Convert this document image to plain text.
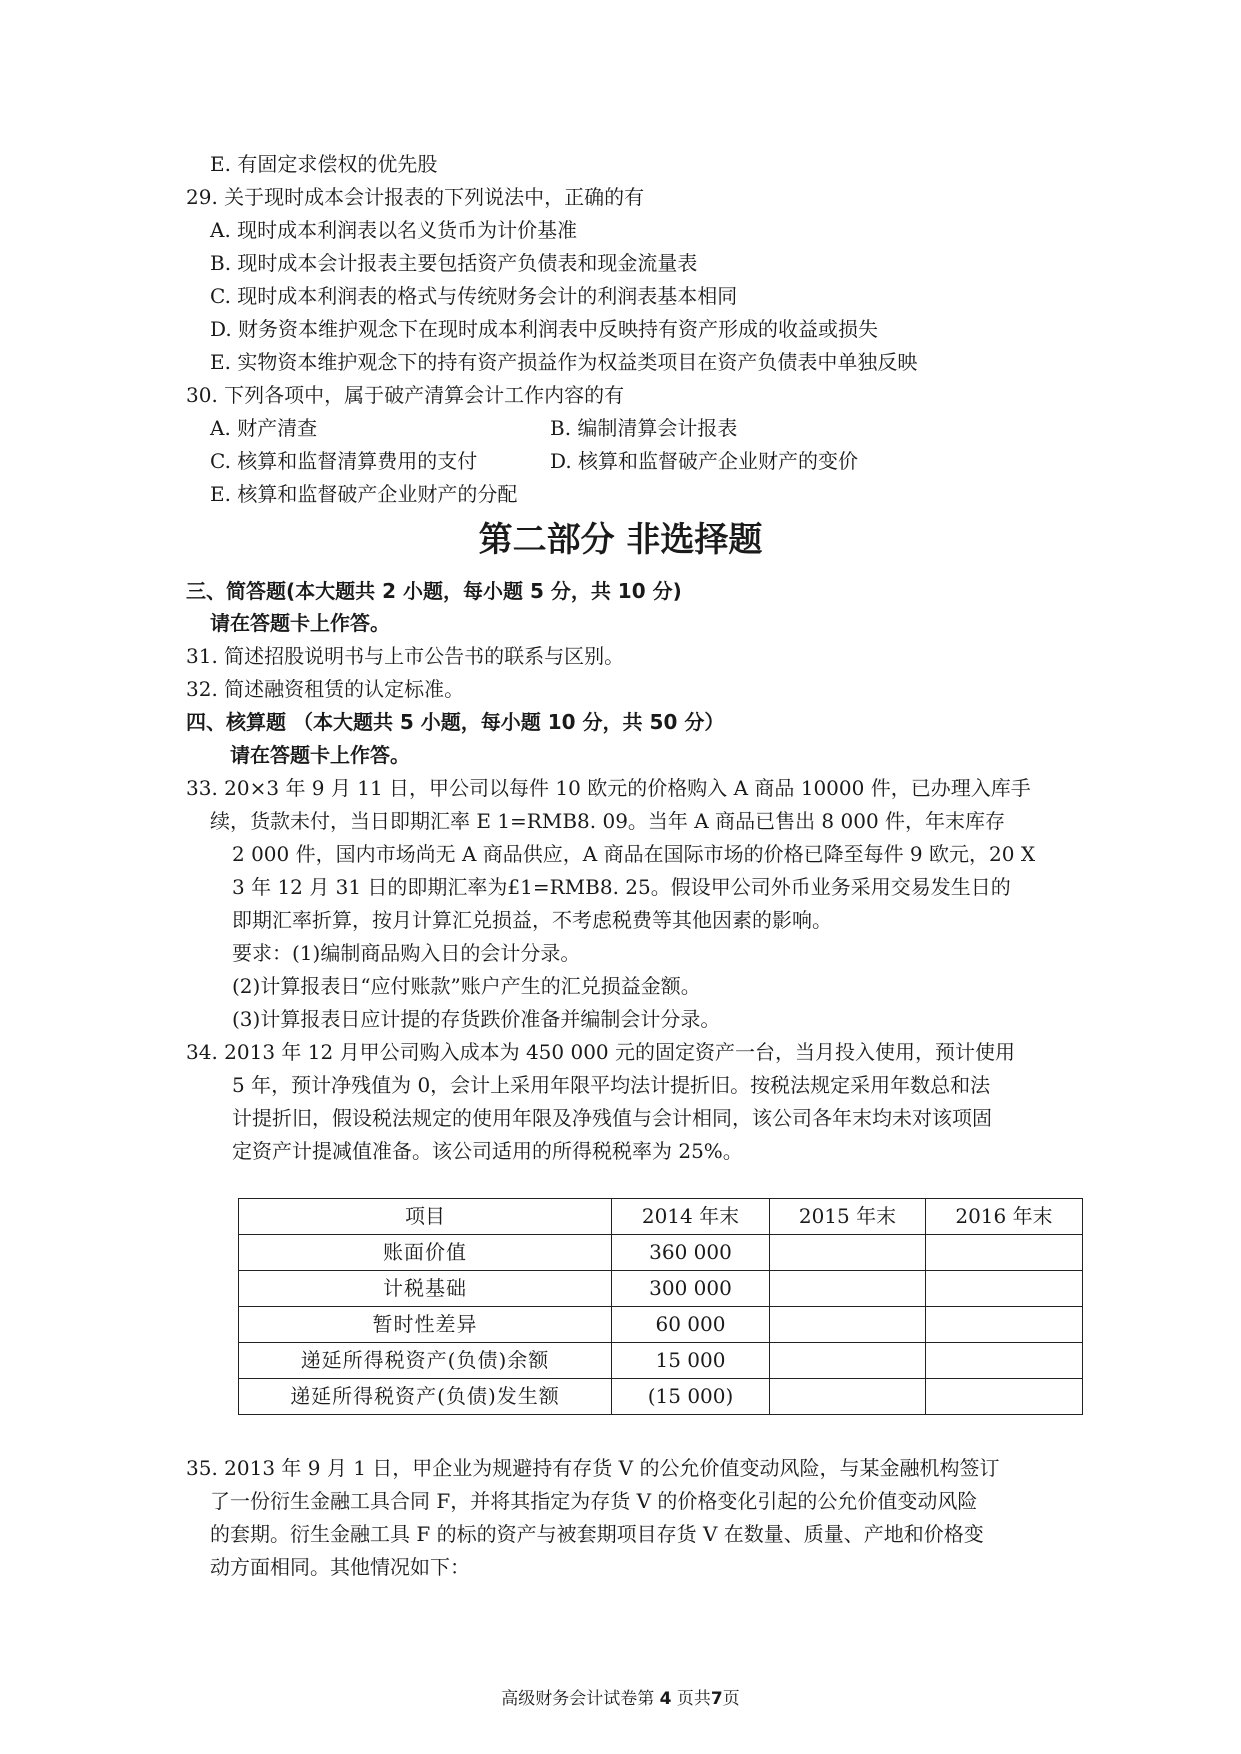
E. 有固定求偿权的优先股
29. 关于现时成本会计报表的下列说法中，正确的有
A. 现时成本利润表以名义货币为计价基准
B. 现时成本会计报表主要包括资产负债表和现金流量表
C. 现时成本利润表的格式与传统财务会计的利润表基本相同
D. 财务资本维护观念下在现时成本利润表中反映持有资产形成的收益或损失
E. 实物资本维护观念下的持有资产损益作为权益类项目在资产负债表中单独反映
30. 下列各项中，属于破产清算会计工作内容的有
A. 财产清查	B. 编制清算会计报表
C. 核算和监督清算费用的支付	D. 核算和监督破产企业财产的变价
E. 核算和监督破产企业财产的分配
第二部分 非选择题
三、简答题(本大题共 2 小题，每小题 5 分，共 10 分)
请在答题卡上作答。
31. 简述招股说明书与上市公告书的联系与区别。
32. 简述融资租赁的认定标准。
四、核算题 （本大题共 5 小题，每小题 10 分，共 50 分）
请在答题卡上作答。
33. 20×3 年 9 月 11 日，甲公司以每件 10 欧元的价格购入 A 商品 10000 件，已办理入库手
续，货款未付，当日即期汇率 E 1=RMB8. 09。当年 A 商品已售出 8 000 件，年末库存
2 000 件，国内市场尚无 A 商品供应，A 商品在国际市场的价格已降至每件 9 欧元，20 X
3 年 12 月 31 日的即期汇率为£1=RMB8. 25。假设甲公司外币业务采用交易发生日的
即期汇率折算，按月计算汇兑损益，不考虑税费等其他因素的影响。
要求：(1)编制商品购入日的会计分录。
(2)计算报表日“应付账款”账户产生的汇兑损益金额。
(3)计算报表日应计提的存货跌价准备并编制会计分录。
34. 2013 年 12 月甲公司购入成本为 450 000 元的固定资产一台，当月投入使用，预计使用
5 年，预计净残值为 0，会计上采用年限平均法计提折旧。按税法规定采用年数总和法
计提折旧，假设税法规定的使用年限及净残值与会计相同，该公司各年末均未对该项固
定资产计提减值准备。该公司适用的所得税税率为 25%。
项目	2014 年末	2015 年末	2016 年末
账面价值	360 000		
计税基础	300 000		
暂时性差异	60 000		
递延所得税资产(负债)余额	15 000		
递延所得税资产(负债)发生额	(15 000)		
35. 2013 年 9 月 1 日，甲企业为规避持有存货 V 的公允价值变动风险，与某金融机构签订
了一份衍生金融工具合同 F，并将其指定为存货 V 的价格变化引起的公允价值变动风险
的套期。衍生金融工具 F 的标的资产与被套期项目存货 V 在数量、质量、产地和价格变
动方面相同。其他情况如下：
高级财务会计试卷第 4 页共7页
